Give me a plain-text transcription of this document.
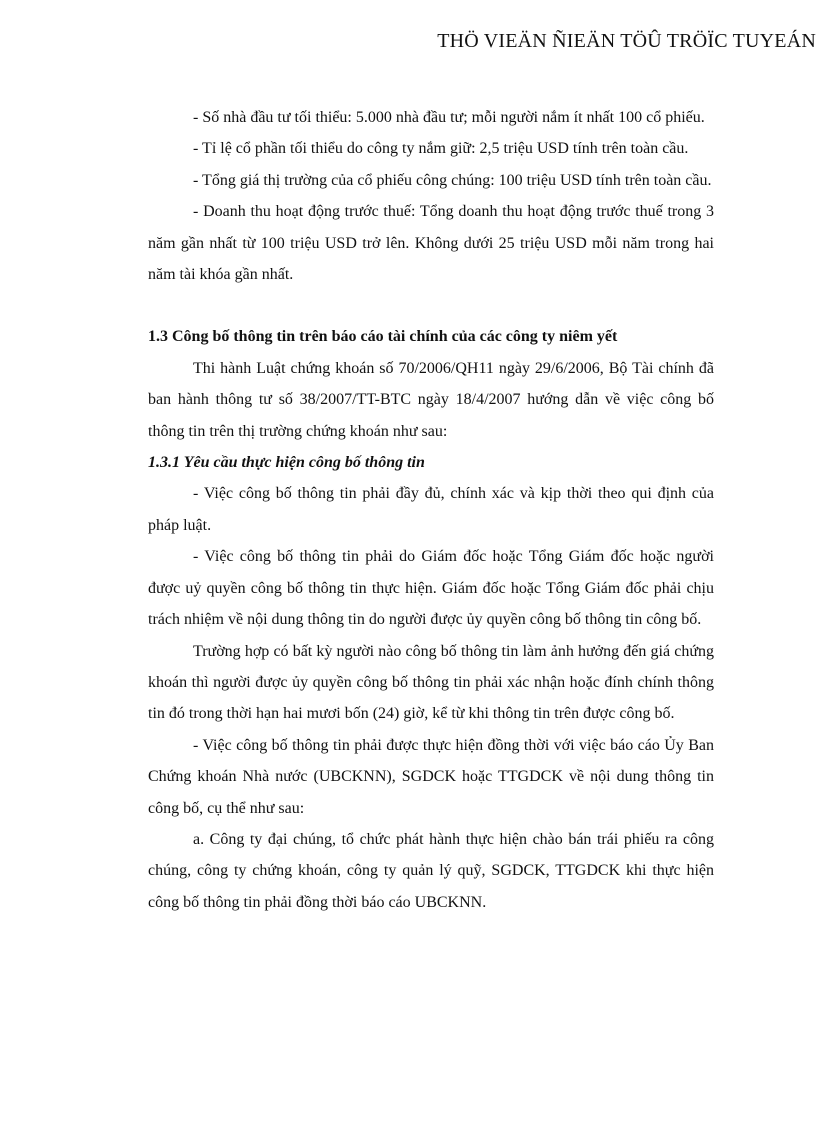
THÖ VIEÄN ÑIEÄN TÖÛ TRÖÏC TUYEÁN

- Số nhà đầu tư tối thiểu: 5.000 nhà đầu tư; mỗi người nắm ít nhất 100 cổ phiếu.

- Tỉ lệ cổ phần tối thiểu do công ty nắm giữ: 2,5 triệu USD tính trên toàn cầu.

- Tổng giá thị trường của cổ phiếu công chúng: 100 triệu USD tính trên toàn cầu.

- Doanh thu hoạt động trước thuế: Tổng doanh thu hoạt động trước thuế trong 3 năm gần nhất từ 100 triệu USD trở lên. Không dưới 25 triệu USD mỗi năm trong hai năm tài khóa gần nhất.

1.3 Công bố thông tin trên báo cáo tài chính của các công ty niêm yết

Thi hành Luật chứng khoán số 70/2006/QH11 ngày 29/6/2006, Bộ Tài chính đã ban hành thông tư số 38/2007/TT-BTC ngày 18/4/2007 hướng dẫn về việc công bố thông tin trên thị trường chứng khoán như sau:

1.3.1 Yêu cầu thực hiện công bố thông tin

- Việc công bố thông tin phải đầy đủ, chính xác và kịp thời theo qui định của pháp luật.

- Việc công bố thông tin phải do Giám đốc hoặc Tổng Giám đốc hoặc người được uỷ quyền công bố thông tin thực hiện. Giám đốc hoặc Tổng Giám đốc phải chịu trách nhiệm về nội dung thông tin do người được ủy quyền công bố thông tin công bố.

Trường hợp có bất kỳ người nào công bố thông tin làm ảnh hưởng đến giá chứng khoán thì người được ủy quyền công bố thông tin phải xác nhận hoặc đính chính thông tin đó trong thời hạn hai mươi bốn (24) giờ, kể từ khi thông tin trên được công bố.

- Việc công bố thông tin phải được thực hiện đồng thời với việc báo cáo Ủy Ban Chứng khoán Nhà nước (UBCKNN), SGDCK hoặc TTGDCK về nội dung thông tin công bố, cụ thể như sau:

a. Công ty đại chúng, tổ chức phát hành thực hiện chào bán trái phiếu ra công chúng, công ty chứng khoán, công ty quản lý quỹ, SGDCK, TTGDCK khi thực hiện công bố thông tin phải đồng thời báo cáo UBCKNN.
